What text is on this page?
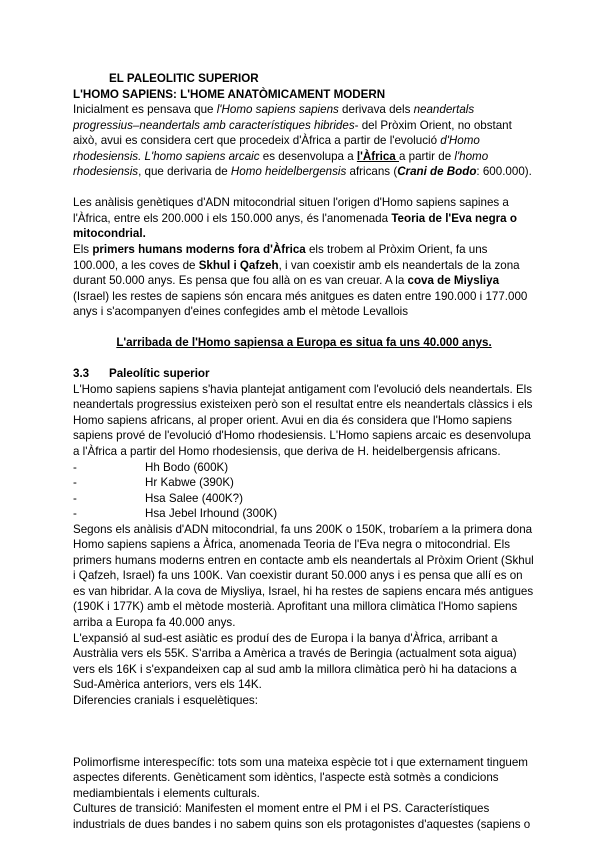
EL PALEOLITIC SUPERIOR

L'HOMO SAPIENS: L'HOME ANATÒMICAMENT MODERN

Inicialment es pensava que l'Homo sapiens sapiens derivava dels neandertals progressius–neandertals amb característiques hibrides- del Pròxim Orient, no obstant això, avui es considera cert que procedeix d'Àfrica a partir de l'evolució d'Homo rhodesiensis. L'homo sapiens arcaic es desenvolupa a l'Àfrica a partir de l'homo rhodesiensis, que derivaria de Homo heidelbergensis africans (Crani de Bodo: 600.000).

Les anàlisis genètiques d'ADN mitocondrial situen l'origen d'Homo sapiens sapines a l'Àfrica, entre els 200.000 i els 150.000 anys, és l'anomenada Teoria de l'Eva negra o mitocondrial.

Els primers humans moderns fora d'Àfrica els trobem al Pròxim Orient, fa uns 100.000, a les coves de Skhul i Qafzeh, i van coexistir amb els neandertals de la zona durant 50.000 anys. Es pensa que fou allà on es van creuar. A la cova de Miysliya (Israel) les restes de sapiens són encara més anitgues es daten entre 190.000 i 177.000 anys i s'acompanyen d'eines confegides amb el mètode Levallois

L'arribada de l'Homo sapiensa a Europa es situa fa uns 40.000 anys.

3.3	Paleolític superior

L'Homo sapiens sapiens s'havia plantejat antigament com l'evolució dels neandertals. Els neandertals progressius existeixen però son el resultat entre els neandertals clàssics i els Homo sapiens africans, al proper orient. Avui en dia és considera que l'Homo sapiens sapiens prové de l'evolució d'Homo rhodesiensis. L'Homo sapiens arcaic es desenvolupa a l'Àfrica a partir del Homo rhodesiensis, que deriva de H. heidelbergensis africans.

-	Hh Bodo (600K)

-	Hr Kabwe (390K)

-	Hsa Salee (400K?)

-	Hsa Jebel Irhound (300K)

Segons els anàlisis d'ADN mitocondrial, fa uns 200K o 150K, trobaríem a la primera dona Homo sapiens sapiens a Àfrica, anomenada Teoria de l'Eva negra o mitocondrial. Els primers humans moderns entren en contacte amb els neandertals al Pròxim Orient (Skhul i Qafzeh, Israel) fa uns 100K. Van coexistir durant 50.000 anys i es pensa que allí es on es van hibridar. A la cova de Miysliya, Israel, hi ha restes de sapiens encara més antigues (190K i 177K) amb el mètode mosterià. Aprofitant una millora climàtica l'Homo sapiens arriba a Europa fa 40.000 anys.

L'expansió al sud-est asiàtic es produí des de Europa i la banya d'Àfrica, arribant a Austràlia vers els 55K. S'arriba a Amèrica a través de Beringia (actualment sota aigua) vers els 16K i s'expandeixen cap al sud amb la millora climàtica però hi ha datacions a Sud-Amèrica anteriors, vers els 14K.

Diferencies cranials i esquelètiques:

Polimorfisme interespecífic: tots som una mateixa espècie tot i que externament tinguem aspectes diferents. Genèticament som idèntics, l'aspecte està sotmès a condicions mediambientals i elements culturals.

Cultures de transició: Manifesten el moment entre el PM i el PS. Característiques industrials de dues bandes i no sabem quins son els protagonistes d'aquestes (sapiens o
